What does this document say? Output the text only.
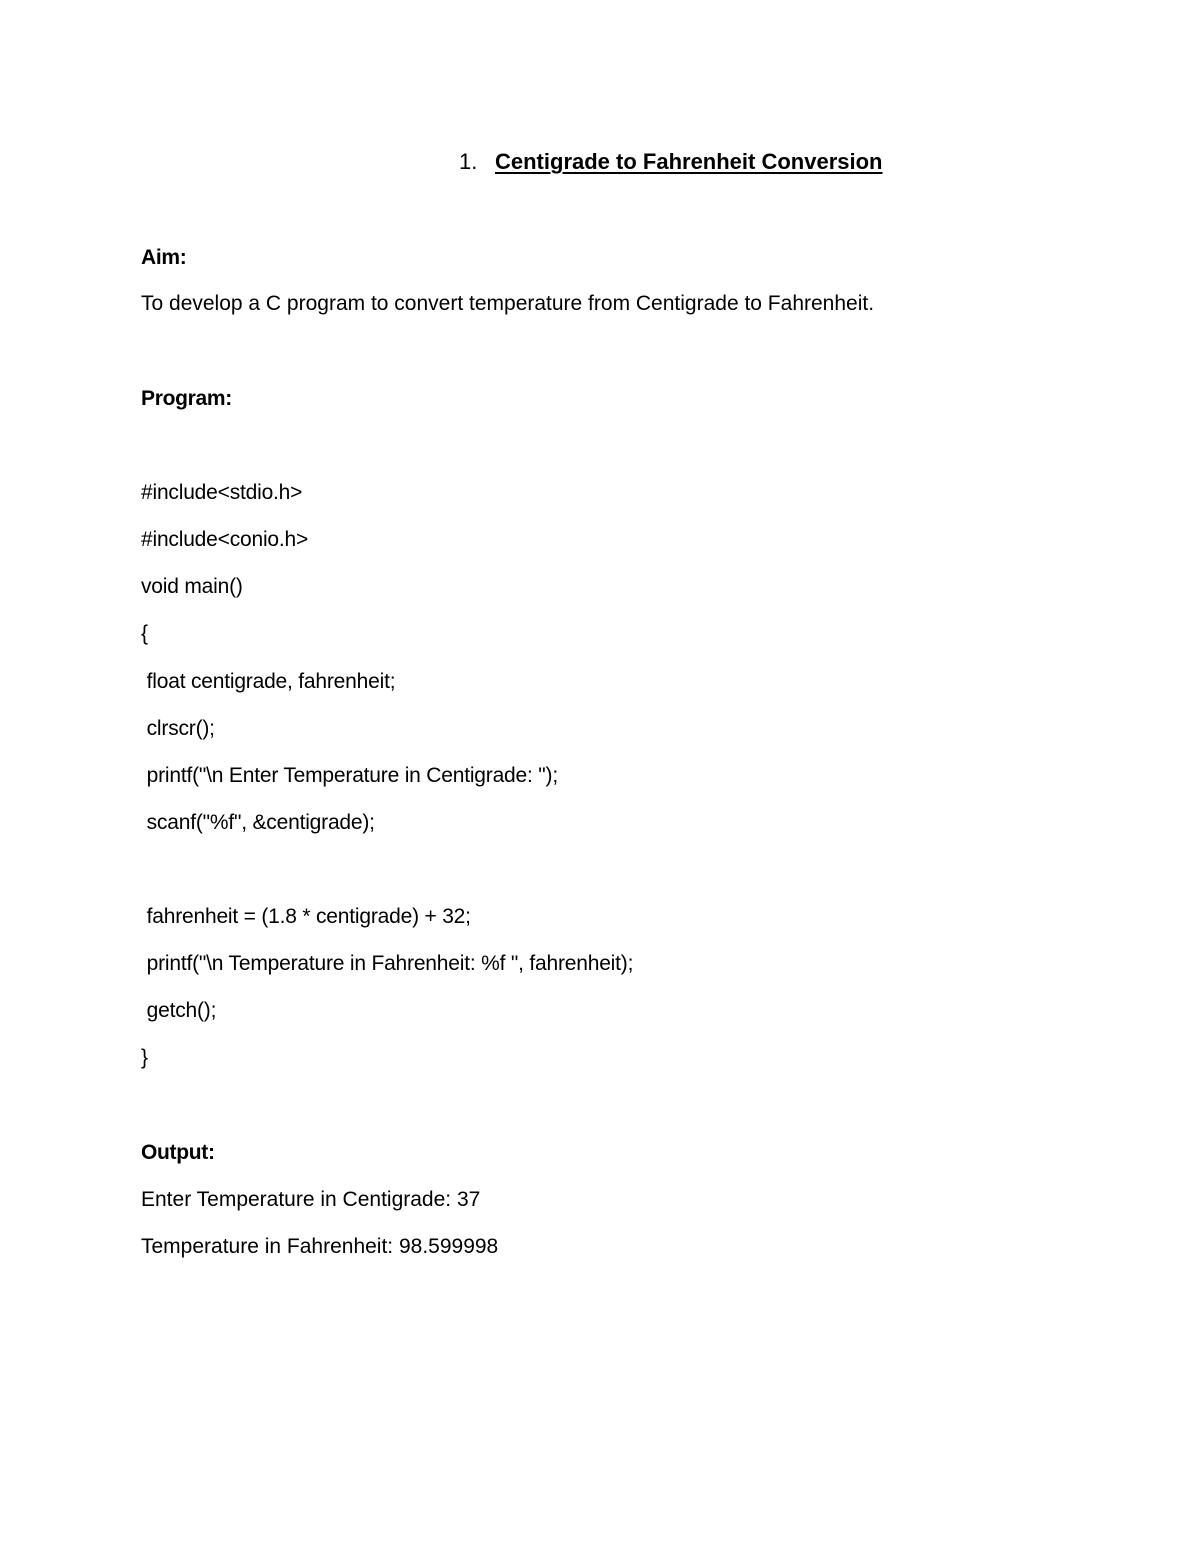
1. Centigrade to Fahrenheit Conversion
Aim:
To develop a C program to convert temperature from Centigrade to Fahrenheit.
Program:
#include<stdio.h>
#include<conio.h>
void main()
{
float centigrade, fahrenheit;
clrscr();
printf("\n Enter Temperature in Centigrade: ");
scanf("%f", &centigrade);
fahrenheit = (1.8 * centigrade) + 32;
printf("\n Temperature in Fahrenheit: %f ", fahrenheit);
getch();
}
Output:
Enter Temperature in Centigrade: 37
Temperature in Fahrenheit: 98.599998
